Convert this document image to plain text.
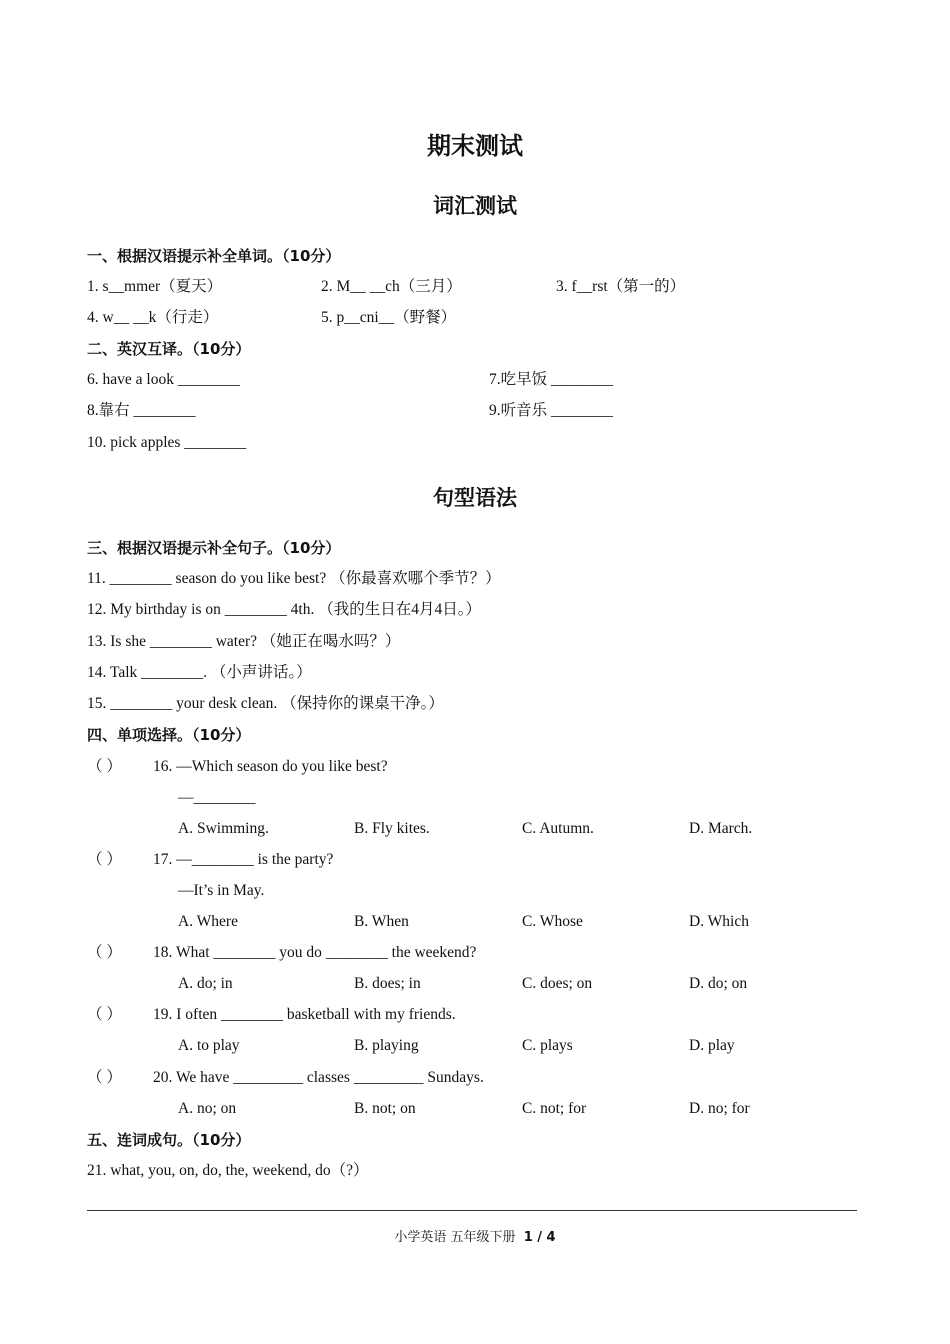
期末测试
词汇测试
一、根据汉语提示补全单词。（10分）
1. s__mmer（夏天）	2. M__ __ch（三月）	3. f__rst（第一的）
4. w__ __k（行走）	5. p__cni__（野餐）
二、英汉互译。（10分）
6. have a look ________	7.吃早饭 ________
8.靠右 ________	9.听音乐 ________
10. pick apples ________
句型语法
三、根据汉语提示补全句子。（10分）
11. ________ season do you like best? （你最喜欢哪个季节？）
12. My birthday is on ________ 4th. （我的生日在4月4日。）
13. Is she ________ water? （她正在喝水吗？）
14. Talk ________. （小声讲话。）
15. ________ your desk clean. （保持你的课桌干净。）
四、单项选择。（10分）
（ ） 16. —Which season do you like best?
—________
A. Swimming.	B. Fly kites.	C. Autumn.	D. March.
（ ） 17. —________ is the party?
—It’s in May.
A. Where	B. When	C. Whose	D. Which
（ ） 18. What ________ you do ________ the weekend?
A. do; in	B. does; in	C. does; on	D. do; on
（ ） 19. I often ________ basketball with my friends.
A. to play	B. playing	C. plays	D. play
（ ） 20. We have _________ classes _________ Sundays.
A. no; on	B. not; on	C. not; for	D. no; for
五、连词成句。（10分）
21. what, you, on, do, the, weekend, do（?）
小学英语 五年级下册 1 / 4
